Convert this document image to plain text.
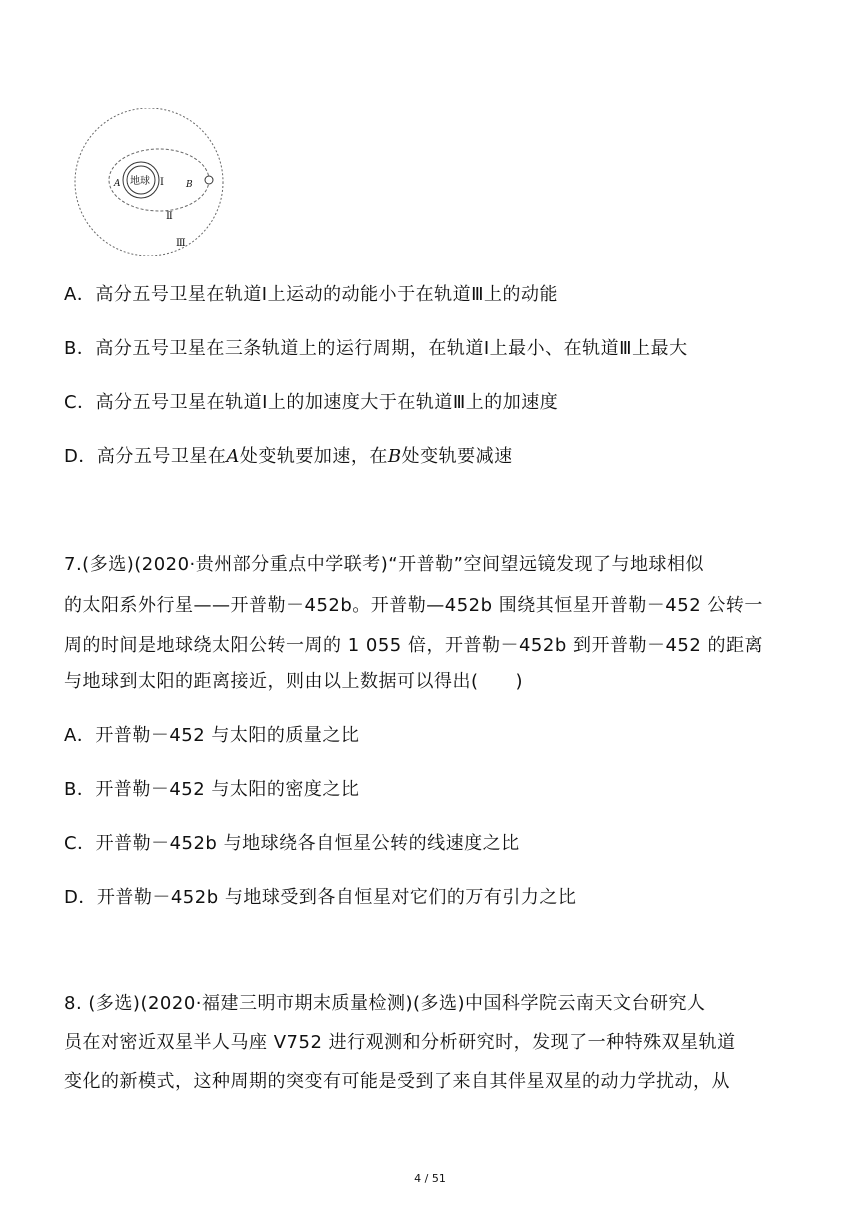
地球
A	Ⅰ B
Ⅱ
Ⅲ
A．高分五号卫星在轨道Ⅰ上运动的动能小于在轨道Ⅲ上的动能
B．高分五号卫星在三条轨道上的运行周期，在轨道Ⅰ上最小、在轨道Ⅲ上最大
C．高分五号卫星在轨道Ⅰ上的加速度大于在轨道Ⅲ上的加速度
D．高分五号卫星在A处变轨要加速，在B处变轨要减速
7.(多选)(2020·贵州部分重点中学联考)“开普勒”空间望远镜发现了与地球相似
的太阳系外行星——开普勒－452b。开普勒—452b 围绕其恒星开普勒－452 公转一
周的时间是地球绕太阳公转一周的 1 055 倍，开普勒－452b 到开普勒－452 的距离
与地球到太阳的距离接近，则由以上数据可以得出(　　)
A．开普勒－452 与太阳的质量之比
B．开普勒－452 与太阳的密度之比
C．开普勒－452b 与地球绕各自恒星公转的线速度之比
D．开普勒－452b 与地球受到各自恒星对它们的万有引力之比
8. (多选)(2020·福建三明市期末质量检测)(多选)中国科学院云南天文台研究人
员在对密近双星半人马座 V752 进行观测和分析研究时，发现了一种特殊双星轨道
变化的新模式，这种周期的突变有可能是受到了来自其伴星双星的动力学扰动，从
4 / 51
